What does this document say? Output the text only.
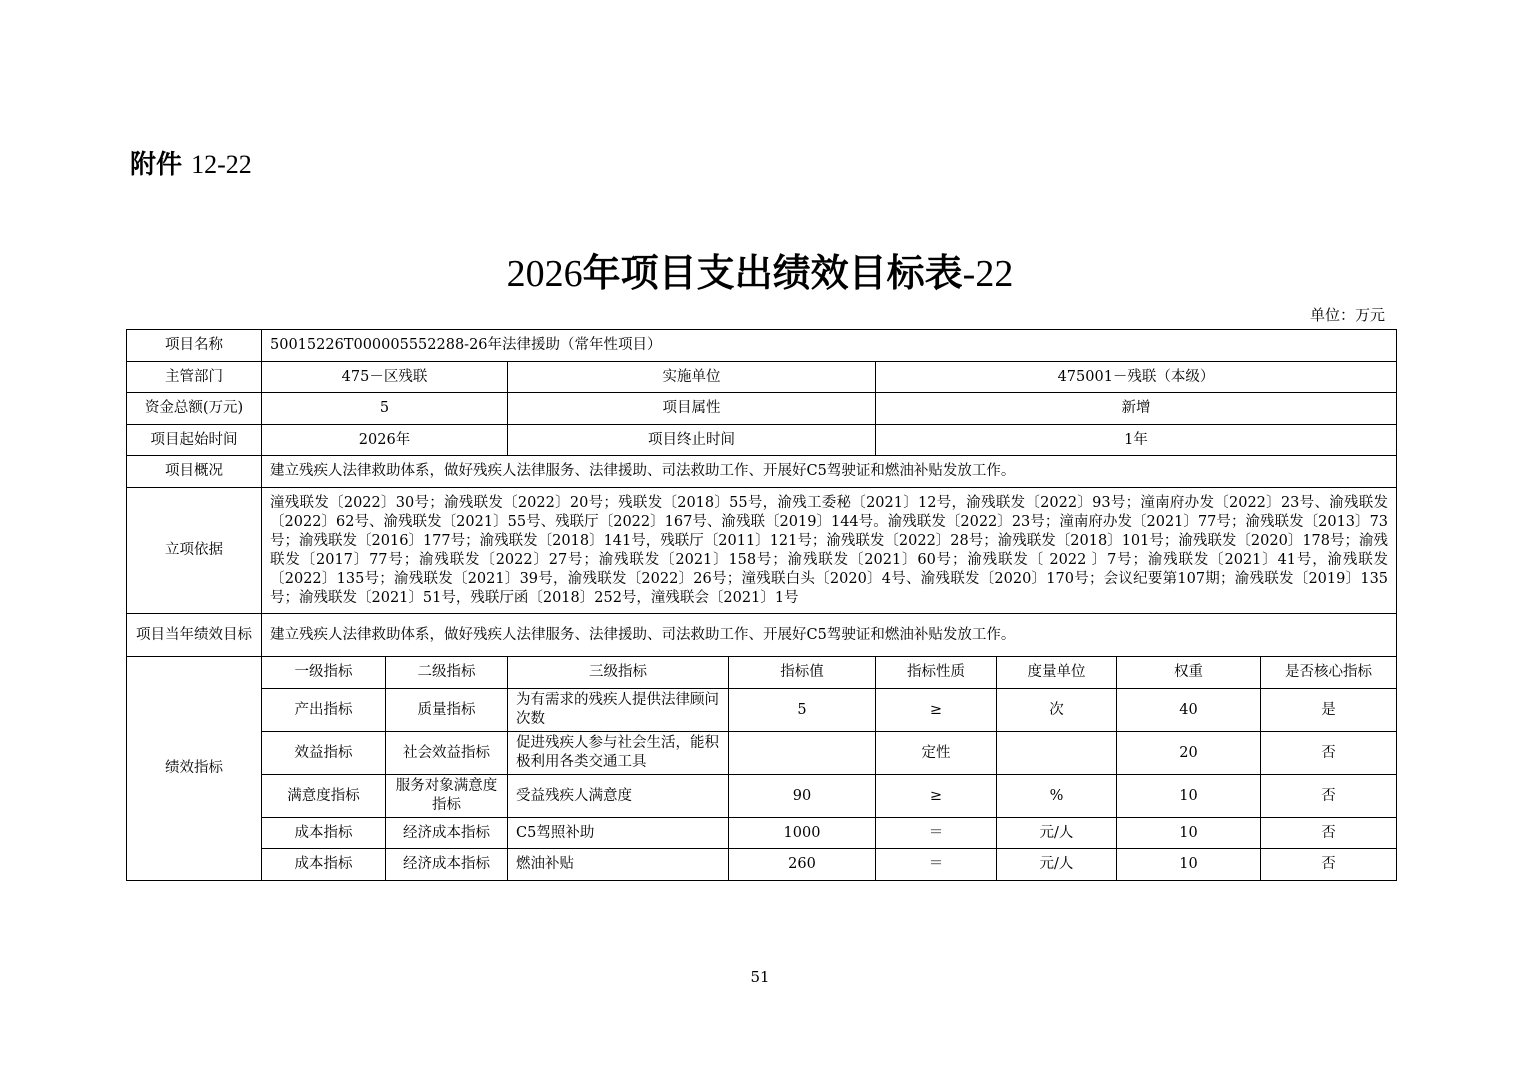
附件 12-22
2026年项目支出绩效目标表-22
单位：万元
项目名称	50015226T000005552288-26年法律援助（常年性项目）							
主管部门	475－区残联		实施单位		475001－残联（本级）			
资金总额(万元)	5		项目属性		新增			
项目起始时间	2026年		项目终止时间		1年			
项目概况	建立残疾人法律救助体系，做好残疾人法律服务、法律援助、司法救助工作、开展好C5驾驶证和燃油补贴发放工作。							
立项依据	潼残联发〔2022〕30号；渝残联发〔2022〕20号；残联发〔2018〕55号，渝残工委秘〔2021〕12号，渝残联发〔2022〕93号；潼南府办发〔2022〕23号、渝残联发〔2022〕62号、渝残联发〔2021〕55号、残联厅〔2022〕167号、渝残联〔2019〕144号。渝残联发〔2022〕23号；潼南府办发〔2021〕77号；渝残联发〔2013〕73号；渝残联发〔2016〕177号；渝残联发〔2018〕141号，残联厅〔2011〕121号；渝残联发〔2022〕28号；渝残联发〔2018〕101号；渝残联发〔2020〕178号；渝残联发〔2017〕77号；渝残联发〔2022〕27号；渝残联发〔2021〕158号；渝残联发〔2021〕60号；渝残联发〔 2022 〕7号；渝残联发〔2021〕41号，渝残联发〔2022〕135号；渝残联发〔2021〕39号，渝残联发〔2022〕26号；潼残联白头〔2020〕4号、渝残联发〔2020〕170号；会议纪要第107期；渝残联发〔2019〕135号；渝残联发〔2021〕51号，残联厅函〔2018〕252号，潼残联会〔2021〕1号							
项目当年绩效目标	建立残疾人法律救助体系，做好残疾人法律服务、法律援助、司法救助工作、开展好C5驾驶证和燃油补贴发放工作。							
绩效指标	一级指标	二级指标	三级指标	指标值	指标性质	度量单位	权重	是否核心指标
	产出指标	质量指标	为有需求的残疾人提供法律顾问次数	5	≥	次	40	是
	效益指标	社会效益指标	促进残疾人参与社会生活，能积极利用各类交通工具		定性		20	否
	满意度指标	服务对象满意度指标	受益残疾人满意度	90	≥	%	10	否
	成本指标	经济成本指标	C5驾照补助	1000	＝	元/人	10	否
	成本指标	经济成本指标	燃油补贴	260	＝	元/人	10	否
51
